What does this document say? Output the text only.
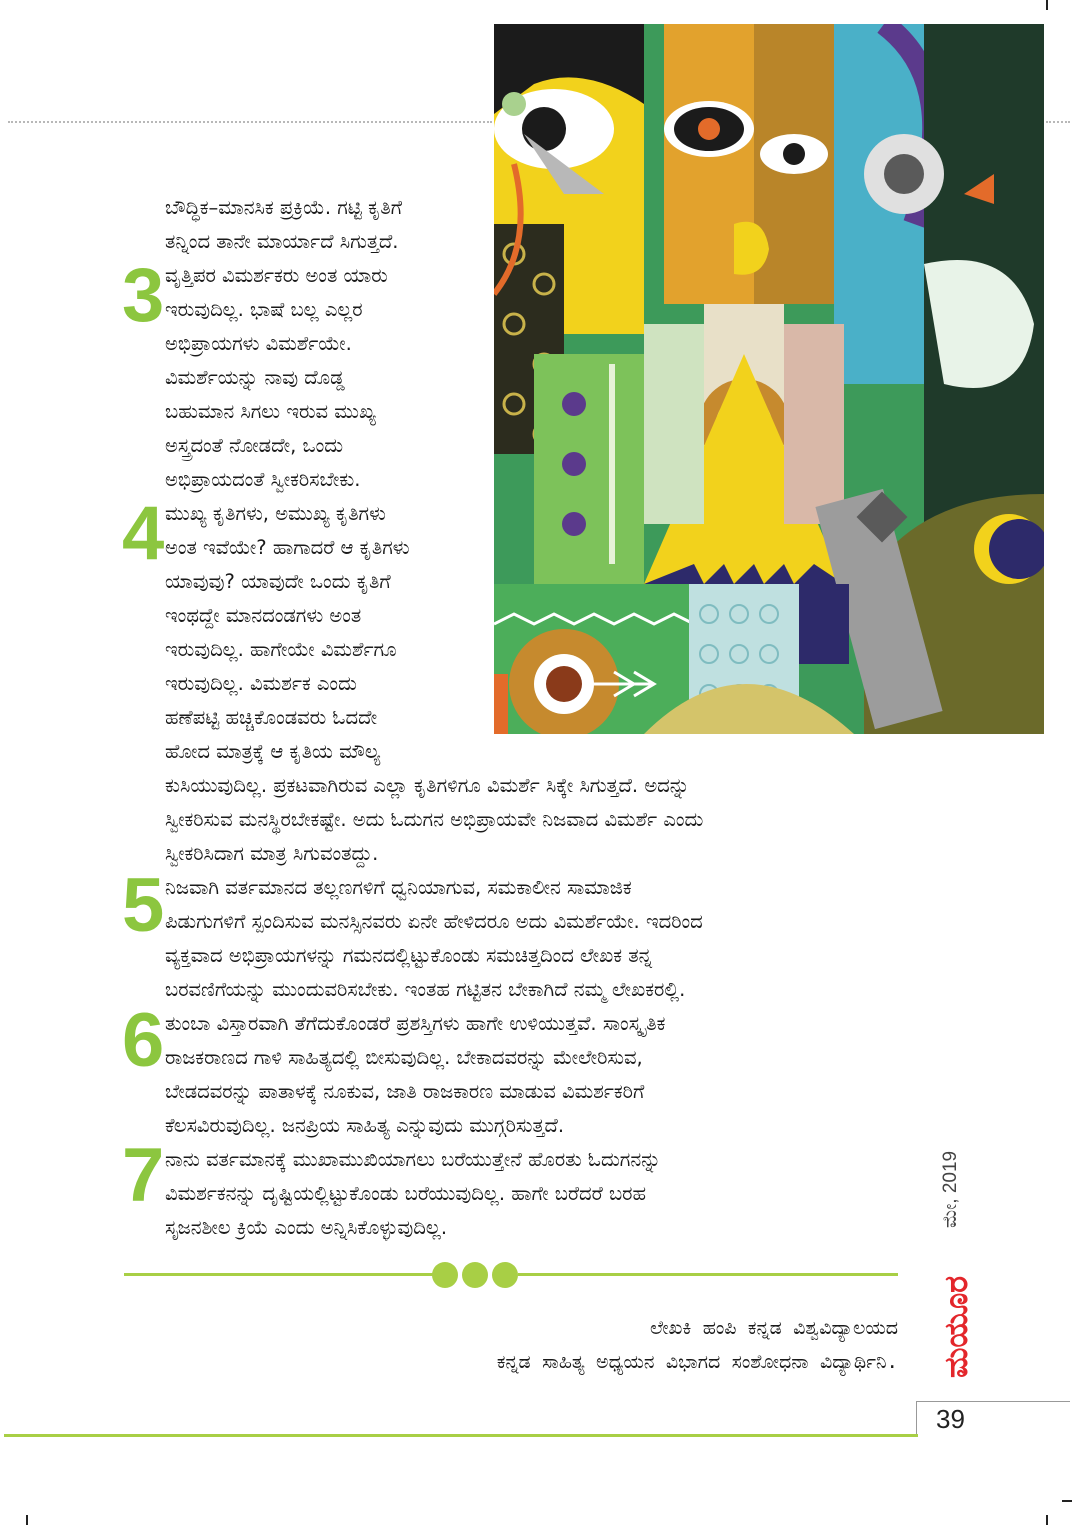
3
4
5
6
7
ಬೌದ್ಧಿಕ–ಮಾನಸಿಕ ಪ್ರಕ್ರಿಯೆ. ಗಟ್ಟಿ ಕೃತಿಗೆ
ತನ್ನಿಂದ ತಾನೇ ಮಾರ್ಯಾದೆ ಸಿಗುತ್ತದೆ.
ವೃತ್ತಿಪರ ವಿಮರ್ಶಕರು ಅಂತ ಯಾರು
ಇರುವುದಿಲ್ಲ. ಭಾಷೆ ಬಲ್ಲ ಎಲ್ಲರ
ಅಭಿಪ್ರಾಯಗಳು ವಿಮರ್ಶೆಯೇ.
ವಿಮರ್ಶೆಯನ್ನು ನಾವು ದೊಡ್ಡ
ಬಹುಮಾನ ಸಿಗಲು ಇರುವ ಮುಖ್ಯ
ಅಸ್ತ್ರದಂತೆ ನೋಡದೇ, ಒಂದು
ಅಭಿಪ್ರಾಯದಂತೆ ಸ್ವೀಕರಿಸಬೇಕು.
ಮುಖ್ಯ ಕೃತಿಗಳು, ಅಮುಖ್ಯ ಕೃತಿಗಳು
ಅಂತ ಇವೆಯೇ? ಹಾಗಾದರೆ ಆ ಕೃತಿಗಳು
ಯಾವುವು? ಯಾವುದೇ ಒಂದು ಕೃತಿಗೆ
ಇಂಥದ್ದೇ ಮಾನದಂಡಗಳು ಅಂತ
ಇರುವುದಿಲ್ಲ. ಹಾಗೇಯೇ ವಿಮರ್ಶೆಗೂ
ಇರುವುದಿಲ್ಲ. ವಿಮರ್ಶಕ ಎಂದು
ಹಣೆಪಟ್ಟಿ ಹಚ್ಚಿಕೊಂಡವರು ಓದದೇ
ಹೋದ ಮಾತ್ರಕ್ಕೆ ಆ ಕೃತಿಯ ಮೌಲ್ಯ
ಕುಸಿಯುವುದಿಲ್ಲ. ಪ್ರಕಟವಾಗಿರುವ ಎಲ್ಲಾ ಕೃತಿಗಳಿಗೂ ವಿಮರ್ಶೆ ಸಿಕ್ಕೇ ಸಿಗುತ್ತದೆ. ಅದನ್ನು
ಸ್ವೀಕರಿಸುವ ಮನಸ್ಥಿರಬೇಕಷ್ಟೇ. ಅದು ಓದುಗನ ಅಭಿಪ್ರಾಯವೇ ನಿಜವಾದ ವಿಮರ್ಶೆ ಎಂದು
ಸ್ವೀಕರಿಸಿದಾಗ ಮಾತ್ರ ಸಿಗುವಂತದ್ದು.
ನಿಜವಾಗಿ ವರ್ತಮಾನದ ತಲ್ಲಣಗಳಿಗೆ ಧ್ವನಿಯಾಗುವ, ಸಮಕಾಲೀನ ಸಾಮಾಜಿಕ
ಪಿಡುಗುಗಳಿಗೆ ಸ್ಪಂದಿಸುವ ಮನಸ್ಸಿನವರು ಏನೇ ಹೇಳಿದರೂ ಅದು ವಿಮರ್ಶೆಯೇ. ಇದರಿಂದ
ವ್ಯಕ್ತವಾದ ಅಭಿಪ್ರಾಯಗಳನ್ನು ಗಮನದಲ್ಲಿಟ್ಟುಕೊಂಡು ಸಮಚಿತ್ತದಿಂದ ಲೇಖಕ ತನ್ನ
ಬರವಣಿಗೆಯನ್ನು ಮುಂದುವರಿಸಬೇಕು. ಇಂತಹ ಗಟ್ಟಿತನ ಬೇಕಾಗಿದೆ ನಮ್ಮ ಲೇಖಕರಲ್ಲಿ.
ತುಂಬಾ ವಿಸ್ತಾರವಾಗಿ ತೆಗೆದುಕೊಂಡರೆ ಪ್ರಶಸ್ತಿಗಳು ಹಾಗೇ ಉಳಿಯುತ್ತವೆ. ಸಾಂಸ್ಕೃತಿಕ
ರಾಜಕರಾಣದ ಗಾಳಿ ಸಾಹಿತ್ಯದಲ್ಲಿ ಬೀಸುವುದಿಲ್ಲ. ಬೇಕಾದವರನ್ನು ಮೇಲೇರಿಸುವ,
ಬೇಡದವರನ್ನು ಪಾತಾಳಕ್ಕೆ ನೂಕುವ, ಜಾತಿ ರಾಜಕಾರಣ ಮಾಡುವ ವಿಮರ್ಶಕರಿಗೆ
ಕೆಲಸವಿರುವುದಿಲ್ಲ. ಜನಪ್ರಿಯ ಸಾಹಿತ್ಯ ಎನ್ನುವುದು ಮುಗ್ಗರಿಸುತ್ತದೆ.
ನಾನು ವರ್ತಮಾನಕ್ಕೆ ಮುಖಾಮುಖಿಯಾಗಲು ಬರೆಯುತ್ತೇನೆ ಹೊರತು ಓದುಗನನ್ನು
ವಿಮರ್ಶಕನನ್ನು ದೃಷ್ಟಿಯಲ್ಲಿಟ್ಟುಕೊಂಡು ಬರೆಯುವುದಿಲ್ಲ. ಹಾಗೇ ಬರೆದರೆ ಬರಹ
ಸೃಜನಶೀಲ ಕ್ರಿಯೆ ಎಂದು ಅನ್ನಿಸಿಕೊಳ್ಳುವುದಿಲ್ಲ.
ಲೇಖಕಿ ಹಂಪಿ ಕನ್ನಡ ವಿಶ್ವವಿದ್ಯಾಲಯದ
ಕನ್ನಡ ಸಾಹಿತ್ಯ ಅಧ್ಯಯನ ವಿಭಾಗದ ಸಂಶೋಧನಾ ವಿದ್ಯಾರ್ಥಿನಿ.
ಮೇ, 2019
ಮಯೂರ
39
